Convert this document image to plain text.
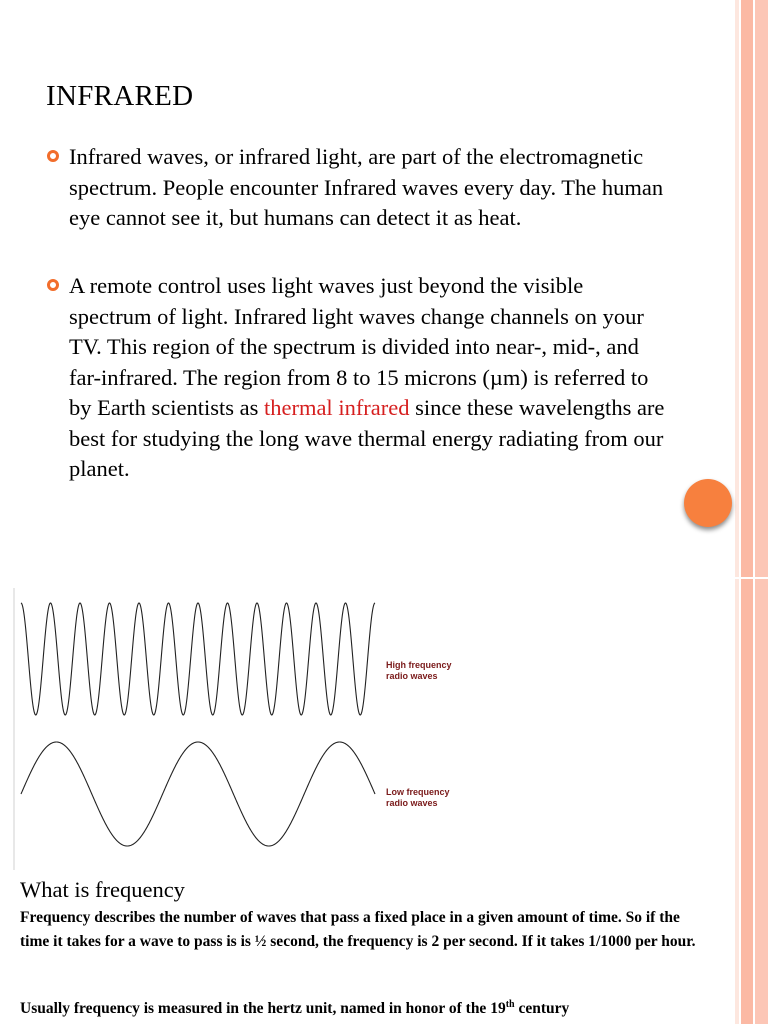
INFRARED
Infrared waves, or infrared light, are part of the electromagnetic spectrum. People encounter Infrared waves every day. The human eye cannot see it, but humans can detect it as heat.
A remote control uses light waves just beyond the visible spectrum of light. Infrared light waves change channels on your TV. This region of the spectrum is divided into near-, mid-, and far-infrared. The region from 8 to 15 microns (µm) is referred to by Earth scientists as thermal infrared since these wavelengths are best for studying the long wave thermal energy radiating from our planet.
High frequency radio waves
Low frequency radio waves
What is frequency
Frequency describes the number of waves that pass a fixed place in a given amount of time. So if the time it takes for a wave to pass is is ½ second, the frequency is 2 per second. If it takes 1/1000 per hour.
Usually frequency is measured in the hertz unit, named in honor of the 19th century
